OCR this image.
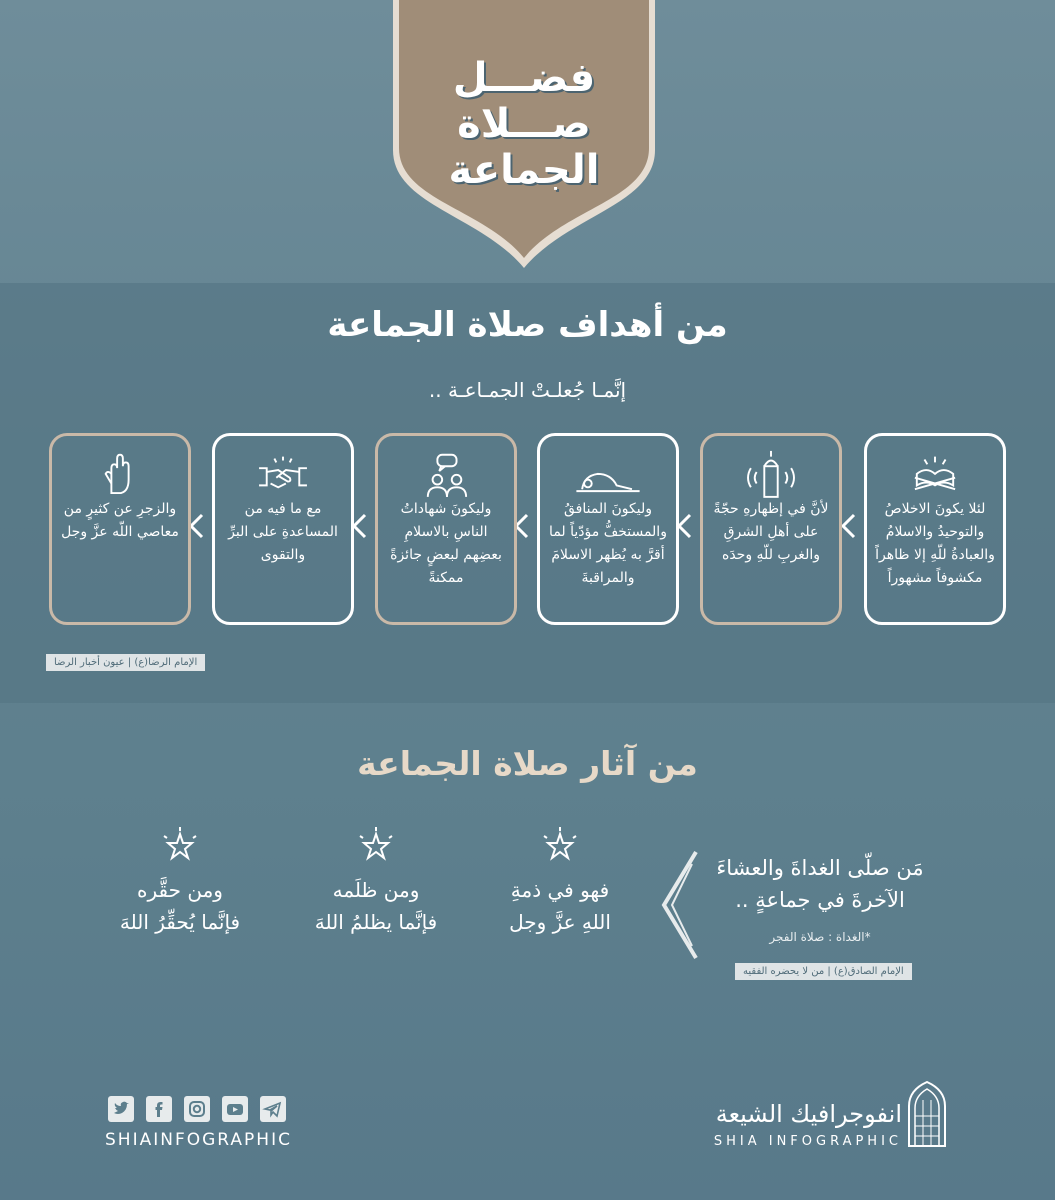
فضـــل
صـــلاة
الجماعة
من أهداف صلاة الجماعة
إنَّمـا جُعلـتْ الجمـاعـة ..
لئلا يكونَ الاخلاصُ والتوحيدُ والاسلامُ والعبادةُ للّهِ إلا ظاهراً مكشوفاً مشهوراً
لأنَّ في إظهارهِ حجّةً على أهلِ الشرقِ والغربِ للّهِ وحدَه
وليكونَ المنافقُ والمستخفُّ مؤدّياً لما أقرَّ به يُظهر الاسلامَ والمراقبةَ
وليكونَ شهاداتُ الناسِ بالاسلامِ بعضِهم لبعضٍ جائزةً ممكنةً
مع ما فيه من المساعدةِ على البرِّ والتقوى
والزجرِ عن كثيرٍ من معاصي اللّه عزَّ وجل
الإمام الرضا(ع) | عيون أخبار الرضا
من آثار صلاة الجماعة
ومن حقَّره
فإنَّما يُحقِّرُ اللهَ
ومن ظلَمه
فإنَّما يظلمُ اللهَ
فهو في ذمةِ
اللهِ عزَّ وجل
مَن صلّى الغداةَ والعشاءَ الآخرةَ في جماعةٍ ..
*الغداة : صلاة الفجر
الإمام الصادق(ع) | من لا يحضره الفقيه
SHIAINFOGRAPHIC
انفوجرافيك الشيعة
SHIA INFOGRAPHIC
